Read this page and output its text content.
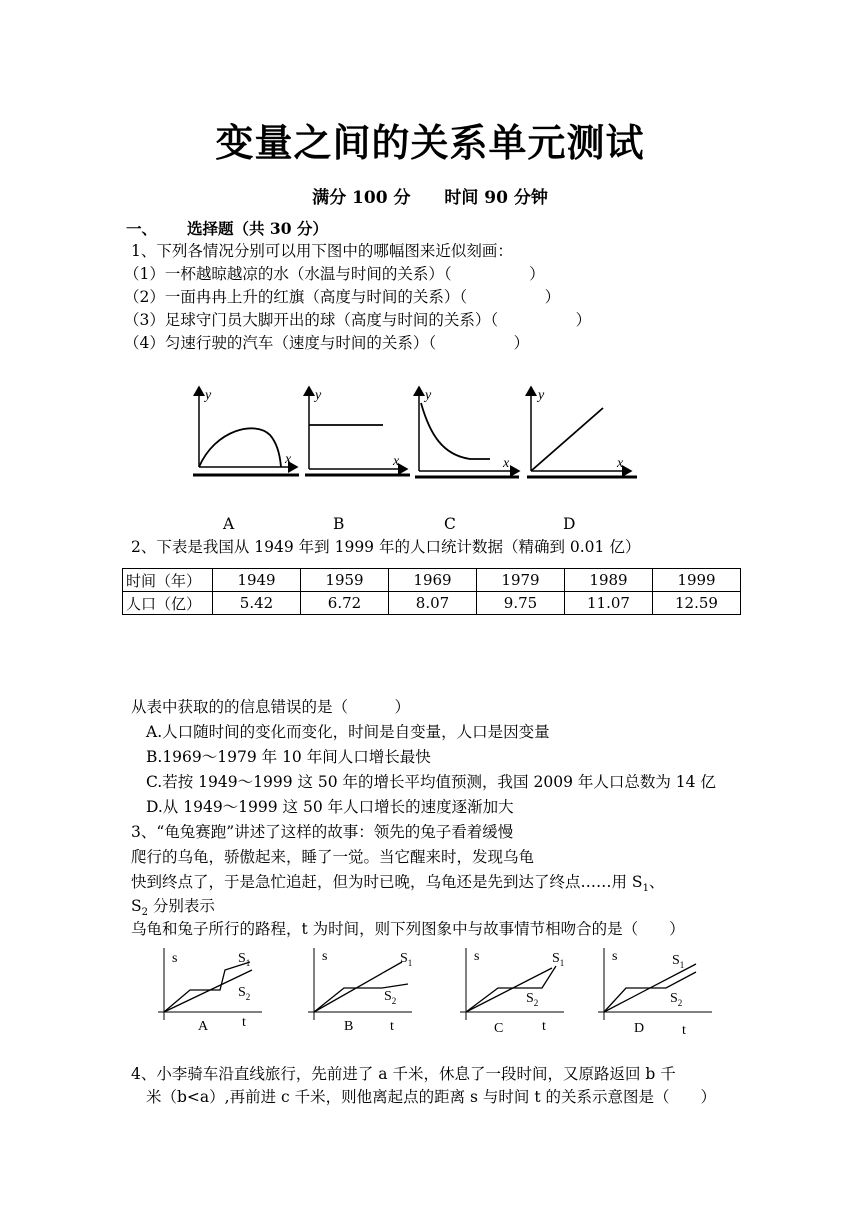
变量之间的关系单元测试
满分 100 分 时间 90 分钟
一、 选择题（共 30 分）
1、下列各情况分别可以用下图中的哪幅图来近似刻画：
（1）一杯越晾越凉的水（水温与时间的关系）（　　　　　）
（2）一面冉冉上升的红旗（高度与时间的关系）（　　　　　）
（3）足球守门员大脚开出的球（高度与时间的关系）（　　　　　）
（4）匀速行驶的汽车（速度与时间的关系）（　　　　　）
y
x
y
x
y
x
y
x
A	B	C	D
2、下表是我国从 1949 年到 1999 年的人口统计数据（精确到 0.01 亿）
时间（年）	1949	1959	1969	1979	1989	1999
人口（亿）	5.42	6.72	8.07	9.75	11.07	12.59
从表中获取的的信息错误的是（　　　）
A.人口随时间的变化而变化，时间是自变量，人口是因变量
B.1969～1979 年 10 年间人口增长最快
C.若按 1949～1999 这 50 年的增长平均值预测，我国 2009 年人口总数为 14 亿
D.从 1949～1999 这 50 年人口增长的速度逐渐加大
3、“龟兔赛跑”讲述了这样的故事：领先的兔子看着缓慢
爬行的乌龟，骄傲起来，睡了一觉。当它醒来时，发现乌龟
快到终点了，于是急忙追赶，但为时已晚，乌龟还是先到达了终点……用 $S_1$、
$S_2$ 分别表示
乌龟和兔子所行的路程，t 为时间，则下列图象中与故事情节相吻合的是（　　）
s	$S_1$
$S_2$
A t
s	$S_1$
$S_2$
B	t
s	$S_1$
$S_2$
C	t
s	$S_1$
$S_2$
D	t
4、小李骑车沿直线旅行，先前进了 a 千米，休息了一段时间，又原路返回 b 千
米（b<a）,再前进 c 千米，则他离起点的距离 s 与时间 t 的关系示意图是（　　）
